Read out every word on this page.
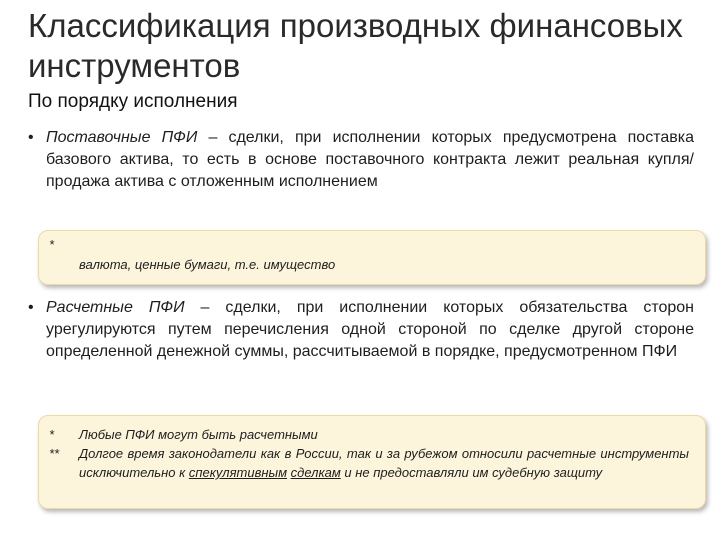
Классификация производных финансовых инструментов
По порядку исполнения
• Поставочные ПФИ – сделки, при исполнении которых предусмотрена поставка базового актива, то есть в основе поставочного контракта лежит реальная купля/продажа актива с отложенным исполнением
*
валюта, ценные бумаги, т.е. имущество
• Расчетные ПФИ – сделки, при исполнении которых обязательства сторон урегулируются путем перечисления одной стороной по сделке другой стороне определенной денежной суммы, рассчитываемой в порядке, предусмотренном ПФИ
* Любые ПФИ могут быть расчетными
** Долгое время законодатели как в России, так и за рубежом относили расчетные инструменты исключительно к спекулятивным сделкам и не предоставляли им судебную защиту
